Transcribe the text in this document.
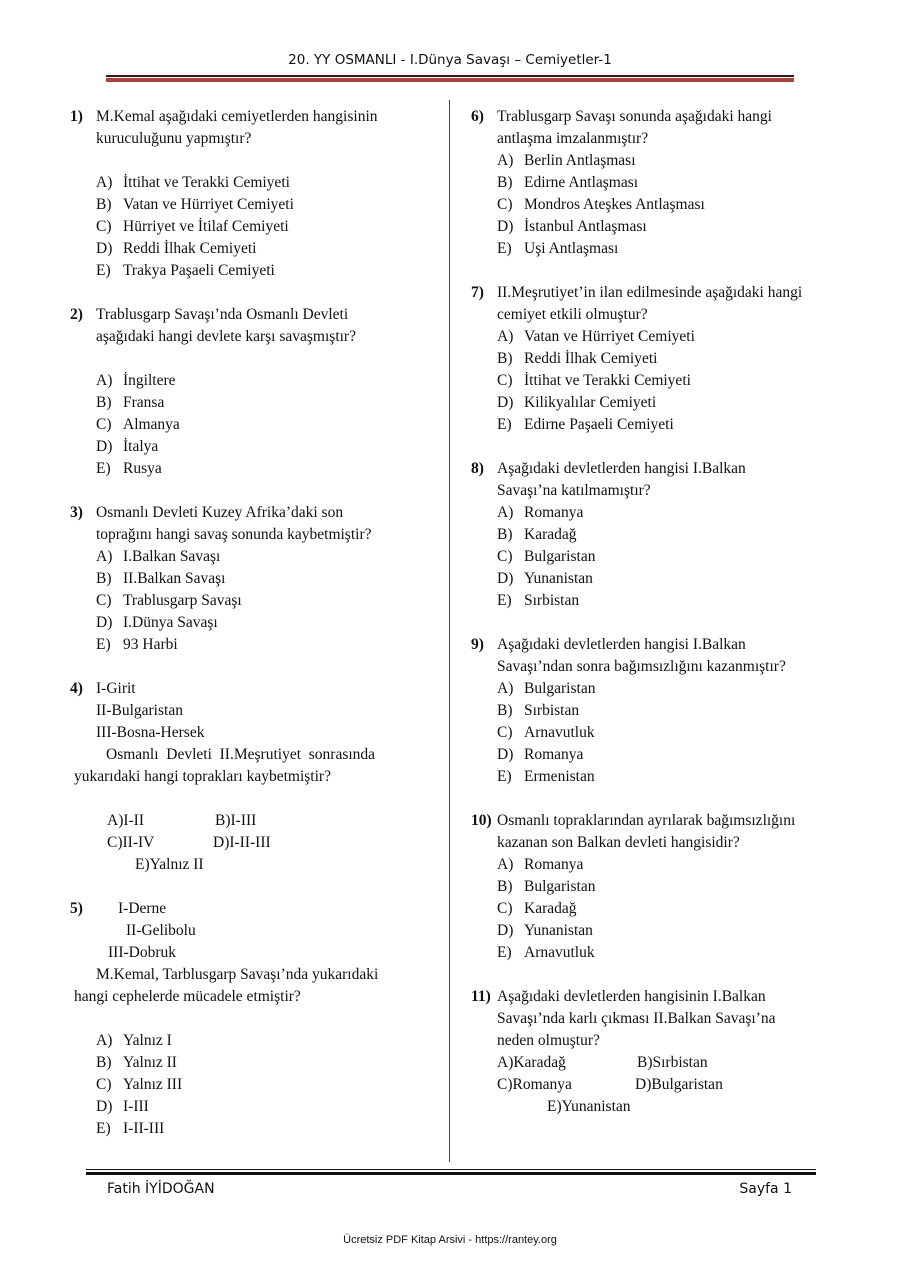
20. YY OSMANLI - I.Dünya Savaşı – Cemiyetler-1
1) M.Kemal aşağıdaki cemiyetlerden hangisinin

kuruculuğunu yapmıştır?

A) İttihat ve Terakki Cemiyeti
B) Vatan ve Hürriyet Cemiyeti
C) Hürriyet ve İtilaf Cemiyeti
D) Reddi İlhak Cemiyeti
E) Trakya Paşaeli Cemiyeti
2) Trablusgarp Savaşı’nda Osmanlı Devleti

aşağıdaki hangi devlete karşı savaşmıştır?

A) İngiltere
B) Fransa
C) Almanya
D) İtalya
E) Rusya
3) Osmanlı Devleti Kuzey Afrika’daki son

toprağını hangi savaş sonunda kaybetmiştir?

A) I.Balkan Savaşı
B) II.Balkan Savaşı
C) Trablusgarp Savaşı
D) I.Dünya Savaşı
E) 93 Harbi
4) I-Girit

II-Bulgaristan

III-Bosna-Hersek

Osmanlı  Devleti  II.Meşrutiyet  sonrasında

yukarıdaki hangi toprakları kaybetmiştir?

A)I-II	B)I-III
C)II-IV	D)I-II-III
E)Yalnız II
5) I-Derne

II-Gelibolu

III-Dobruk

M.Kemal, Tarblusgarp Savaşı’nda yukarıdaki

hangi cephelerde mücadele etmiştir?

A) Yalnız I
B) Yalnız II
C) Yalnız III
D) I-III
E) I-II-III
6) Trablusgarp Savaşı sonunda aşağıdaki hangi

antlaşma imzalanmıştır?

A) Berlin Antlaşması
B) Edirne Antlaşması
C) Mondros Ateşkes Antlaşması
D) İstanbul Antlaşması
E) Uşi Antlaşması
7) II.Meşrutiyet’in ilan edilmesinde aşağıdaki hangi

cemiyet etkili olmuştur?

A) Vatan ve Hürriyet Cemiyeti
B) Reddi İlhak Cemiyeti
C) İttihat ve Terakki Cemiyeti
D) Kilikyalılar Cemiyeti
E) Edirne Paşaeli Cemiyeti
8) Aşağıdaki devletlerden hangisi I.Balkan

Savaşı’na katılmamıştır?

A) Romanya
B) Karadağ
C) Bulgaristan
D) Yunanistan
E) Sırbistan
9) Aşağıdaki devletlerden hangisi I.Balkan

Savaşı’ndan sonra bağımsızlığını kazanmıştır?

A) Bulgaristan
B) Sırbistan
C) Arnavutluk
D) Romanya
E) Ermenistan
10) Osmanlı topraklarından ayrılarak bağımsızlığını

kazanan son Balkan devleti hangisidir?

A) Romanya
B) Bulgaristan
C) Karadağ
D) Yunanistan
E) Arnavutluk
11) Aşağıdaki devletlerden hangisinin I.Balkan

Savaşı’nda karlı çıkması II.Balkan Savaşı’na

neden olmuştur?

A)Karadağ	B)Sırbistan
C)Romanya	D)Bulgaristan
E)Yunanistan
Fatih İYİDOĞAN	Sayfa 1
Ücretsiz PDF Kitap Arsivi - https://rantey.org
